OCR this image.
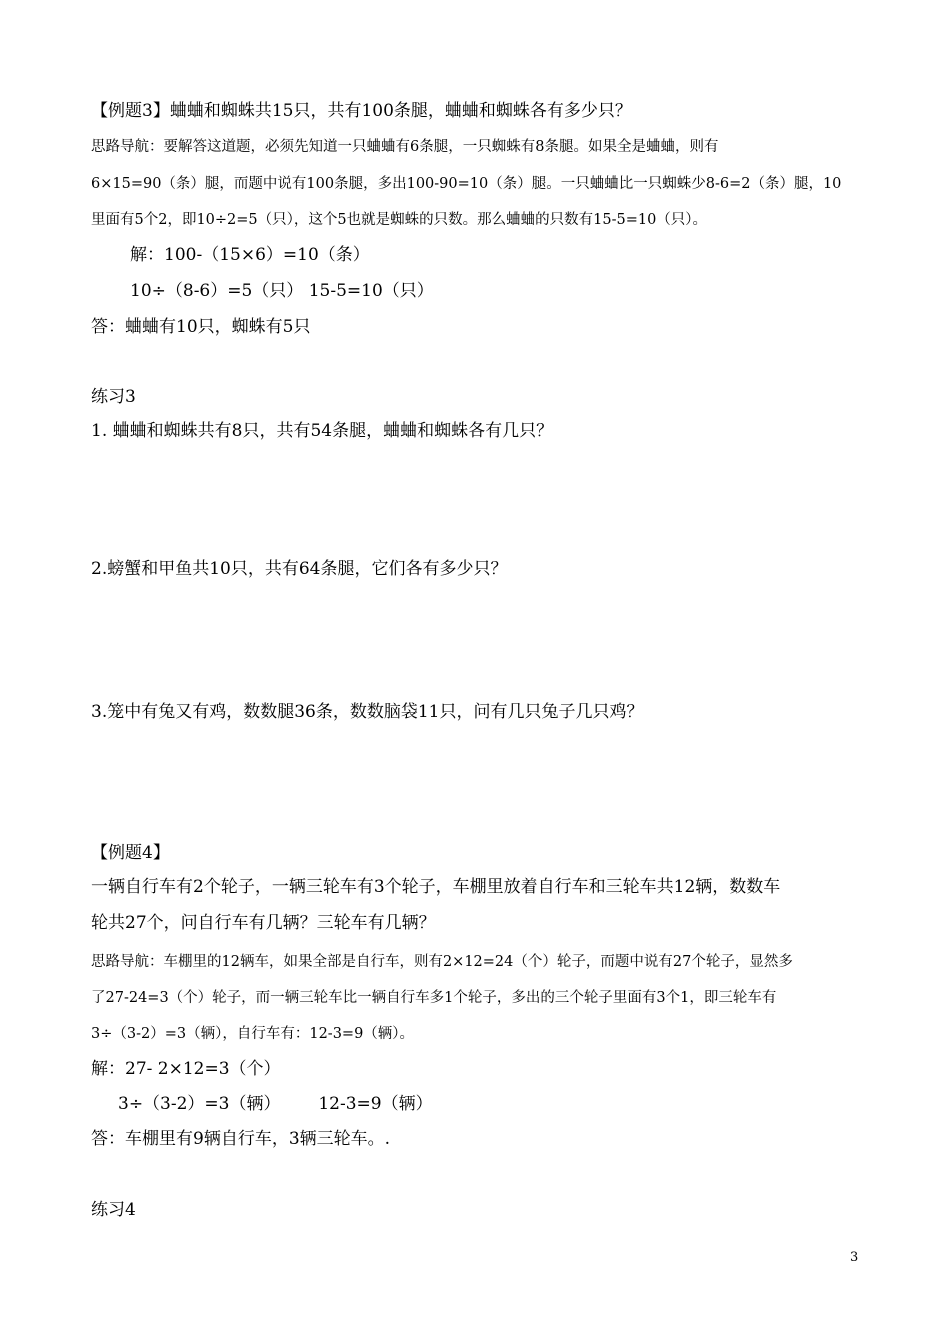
【例题3】蛐蛐和蜘蛛共15只，共有100条腿，蛐蛐和蜘蛛各有多少只？
思路导航：要解答这道题，必须先知道一只蛐蛐有6条腿，一只蜘蛛有8条腿。如果全是蛐蛐，则有
6×15=90（条）腿，而题中说有100条腿，多出100-90=10（条）腿。一只蛐蛐比一只蜘蛛少8-6=2（条）腿，10
里面有5个2，即10÷2=5（只），这个5也就是蜘蛛的只数。那么蛐蛐的只数有15-5=10（只）。
解：100-（15×6）=10（条）
10÷（8-6）=5（只） 15-5=10（只）
答：蛐蛐有10只，蜘蛛有5只
练习3
1. 蛐蛐和蜘蛛共有8只，共有54条腿，蛐蛐和蜘蛛各有几只？
2.螃蟹和甲鱼共10只，共有64条腿，它们各有多少只？
3.笼中有兔又有鸡，数数腿36条，数数脑袋11只，问有几只兔子几只鸡？
【例题4】
一辆自行车有2个轮子，一辆三轮车有3个轮子，车棚里放着自行车和三轮车共12辆，数数车
轮共27个，问自行车有几辆？三轮车有几辆？
思路导航：车棚里的12辆车，如果全部是自行车，则有2×12=24（个）轮子，而题中说有27个轮子，显然多
了27-24=3（个）轮子，而一辆三轮车比一辆自行车多1个轮子，多出的三个轮子里面有3个1，即三轮车有
3÷（3-2）=3（辆），自行车有：12-3=9（辆）。
解：27- 2×12=3（个）
3÷（3-2）=3（辆）       12-3=9（辆）
答：车棚里有9辆自行车，3辆三轮车。.
练习4
3
